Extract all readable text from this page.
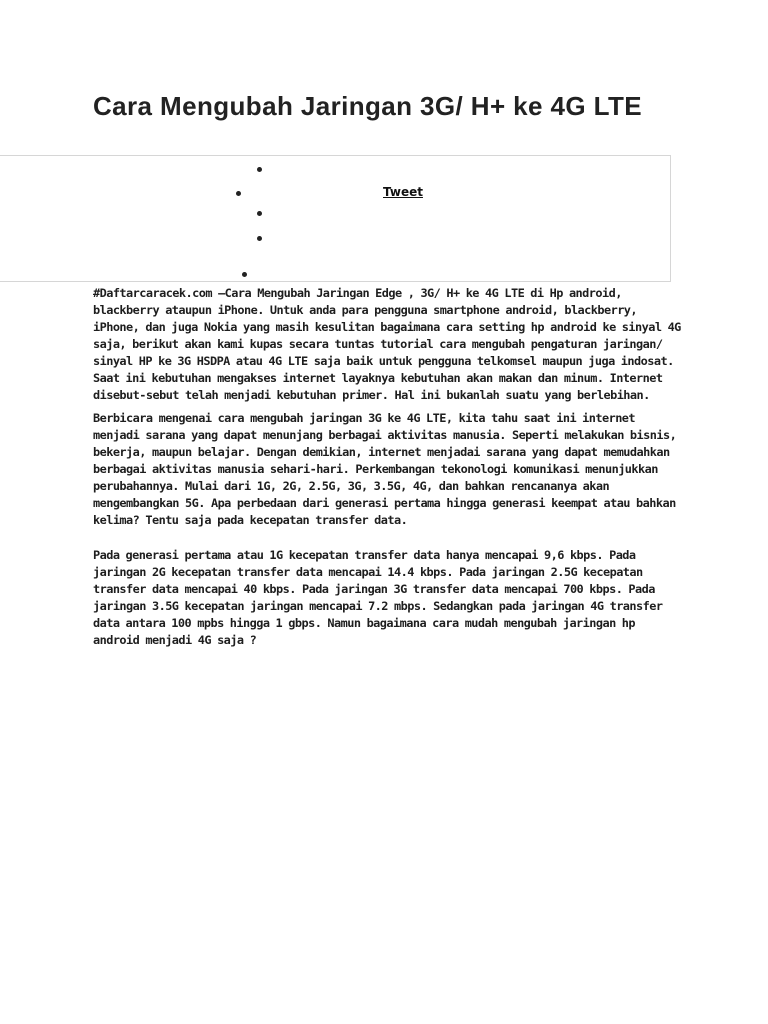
Cara Mengubah Jaringan 3G/ H+ ke 4G LTE
Tweet

#Daftarcaracek.com –Cara Mengubah Jaringan Edge , 3G/ H+ ke 4G LTE di Hp android, blackberry ataupun iPhone. Untuk anda para pengguna smartphone android, blackberry, iPhone, dan juga Nokia yang masih kesulitan bagaimana cara setting hp android ke sinyal 4G saja, berikut akan kami kupas secara tuntas tutorial cara mengubah pengaturan jaringan/ sinyal HP ke 3G HSDPA atau 4G LTE saja baik untuk pengguna telkomsel maupun juga indosat. Saat ini kebutuhan mengakses internet layaknya kebutuhan akan makan dan minum. Internet disebut-sebut telah menjadi kebutuhan primer. Hal ini bukanlah suatu yang berlebihan.

Berbicara mengenai cara mengubah jaringan 3G ke 4G LTE, kita tahu saat ini internet menjadi sarana yang dapat menunjang berbagai aktivitas manusia. Seperti melakukan bisnis, bekerja, maupun belajar. Dengan demikian, internet menjadai sarana yang dapat memudahkan berbagai aktivitas manusia sehari-hari. Perkembangan tekonologi komunikasi menunjukkan perubahannya. Mulai dari 1G, 2G, 2.5G, 3G, 3.5G, 4G, dan bahkan rencananya akan mengembangkan 5G. Apa perbedaan dari generasi pertama hingga generasi keempat atau bahkan kelima? Tentu saja pada kecepatan transfer data.

Pada generasi pertama atau 1G kecepatan transfer data hanya mencapai 9,6 kbps. Pada jaringan 2G kecepatan transfer data mencapai 14.4 kbps. Pada jaringan 2.5G kecepatan transfer data mencapai 40 kbps. Pada jaringan 3G transfer data mencapai 700 kbps. Pada jaringan 3.5G kecepatan jaringan mencapai 7.2 mbps. Sedangkan pada jaringan 4G transfer data antara 100 mpbs hingga 1 gbps. Namun bagaimana cara mudah mengubah jaringan hp android menjadi 4G saja ?
